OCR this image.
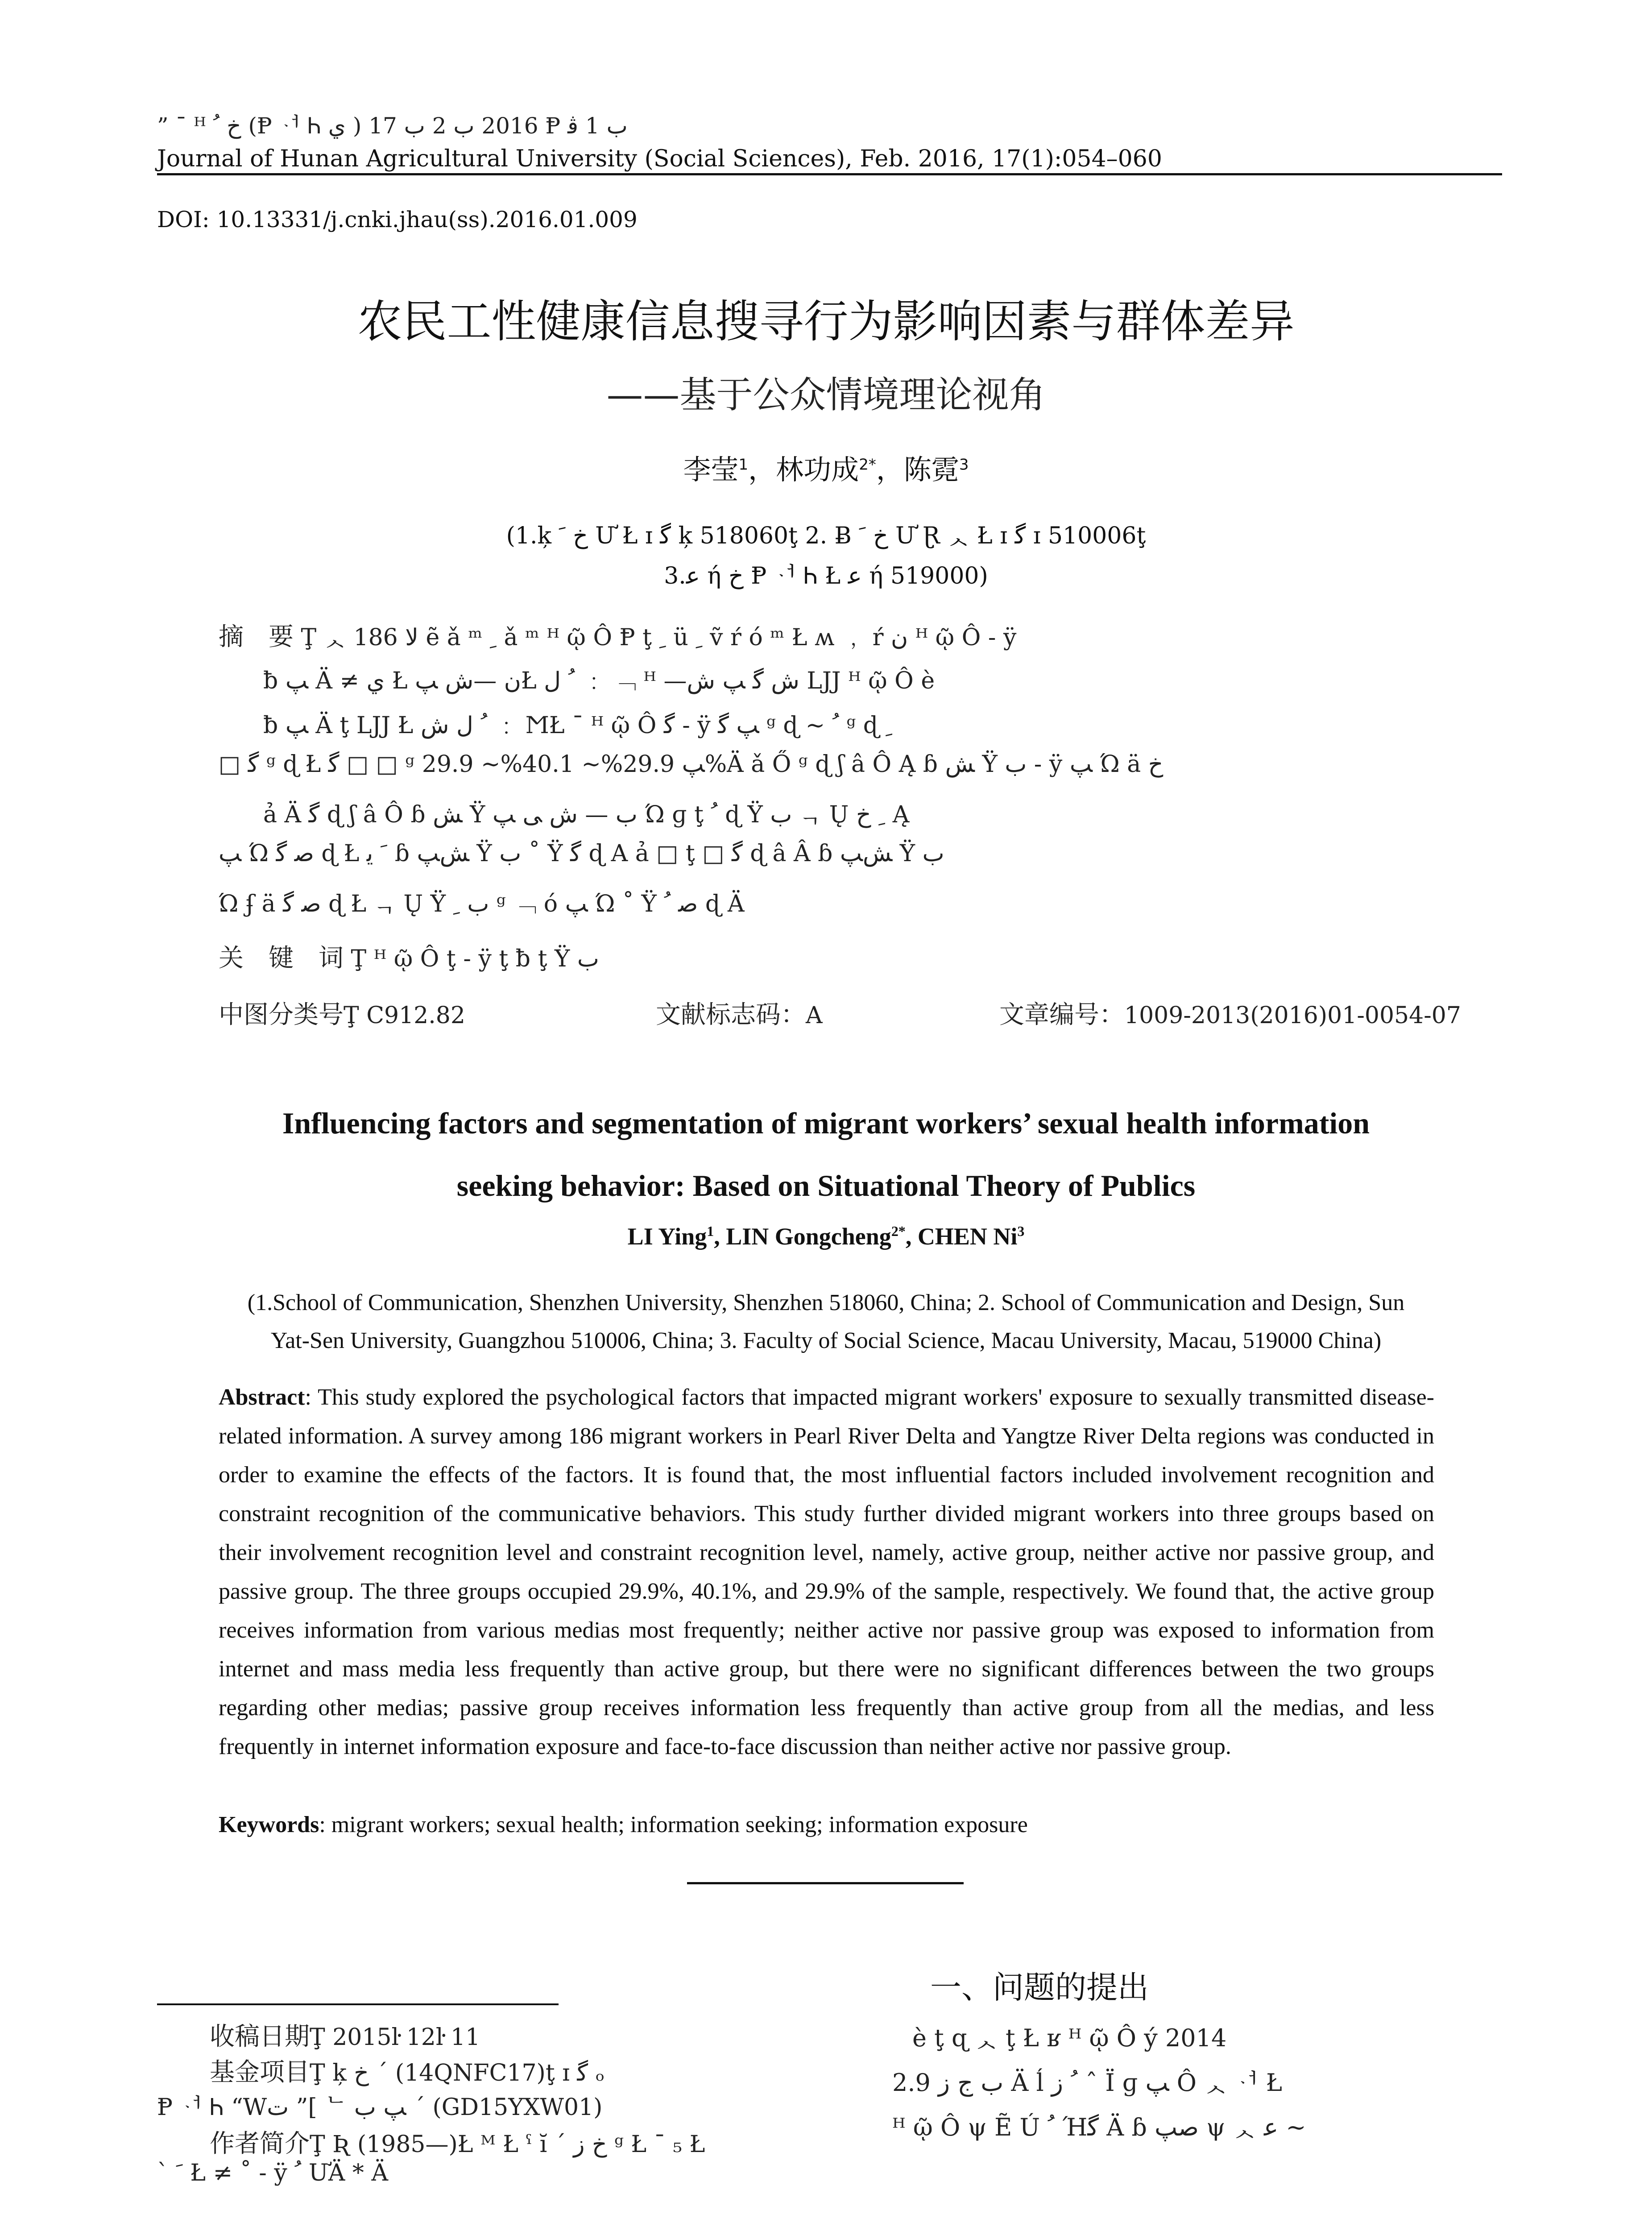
” ¯ ᴴ ﺥ ﹸ (Ᵽ ᆟ Ꮒ ﻱ ) 2016 ﺏ 2 ﺏ 17 Ᵽ ﺏ 1 ﭬ
Journal of Hunan Agricultural University (Social Sciences), Feb. 2016, 17(1):054–060
DOI: 10.13331/j.cnki.jhau(ss).2016.01.009
农民工性健康信息搜寻行为影响因素与群体差异
——基于公众情境理论视角
李莹$^1$，林功成$^{2*}$，陈霓$^3$
(1.ķ ﺥ ﹶ Ư Ł ɪ ﮔ ķ 518060ţ 2. Ƀ ﺥ ﹶ Ư Ɽ ᆺ Ł ɪ ﮔ ɪ 510006ţ
3.ﻋ ή ﺥ Ᵽ ᆟ Ꮒ Ł ﻋ ή 519000)
摘　要 Ţ ᆺ 186 ﻻ ẽ ǎ ᵐ ﹺ ǎ ᵐ ᴴ ῷ Ô Ᵽ ţ ﹺ ü ﹺ ṽ ŕ ó ᵐ Ł ʍ ﹐ ŕ ﻥ ᴴ ῷ Ô - ÿ
ƀ ﭗ Ä ≠ ﻱ Ł ﻥ —ﺵ ﭗŁ ﹸ ﻝ ﹕ ﹁ ᴴ —ﺵ ﮔ ﭗ ﺵ ǇJ ᴴ ῷ Ô è
ƀ ﭗ Ä ţ ǇJ Ł ﹸ ﻝ ﺵ ﹕ ϺŁ ¯ ᴴ ῷ Ô ﮔ - ÿ ﭗ ﮔ ᵍ ɖ ~ ﹸ ᵍ ɖ ﹺ
□ ﮔ ᵍ ɖ Ł ﮔ □ □ ᵍ ﭗ 29.9%~ 40.1%~ 29.9%Ä ǎ Ő ᵍ ɖ ʃ â Ô Ą ɓ ﺶ Ÿ ﺏ - ÿ ﭗ Ώ ä ﺥ
ả Ä ﮔ ɖ ʃ â Ô ɓ ﺶ Ÿ ﺏ — ﺵ ﻰ ﭗ Ώ ɡ ţ ﹸ ɖ Ÿ ﺏ ᆨ Ų ﹺ ﺥ Ą
ﭗ Ώ ﺻ ﮔ ɖ Ł ﹶ ﻳ ɓ ﺶﭗ Ÿ ﺏ ˚ Ÿ ﮔ ɖ Α ả □ ţ □ ﮔ ɖ â Â ɓ ﺶﭗ Ÿ ﺏ
Ώ ʄ ä ﺻ ﮔ ɖ Ł ᆨ Ų Ÿ ﺏ ﹺ ᵍ ﹁ ó ﭗ Ώ ˚ Ÿ ﺻ ﹸ ɖ Ä
关　键　词 Ţ ᴴ ῷ Ô ţ - ÿ ţ ƀ ţ Ÿ ﺏ
中图分类号Ţ C912.82	文献标志码：A	文章编号：1009-2013(2016)01-0054-07
Influencing factors and segmentation of migrant workers’ sexual health information
seeking behavior: Based on Situational Theory of Publics
LI Ying$^1$, LIN Gongcheng$^{2*}$, CHEN Ni$^3$
(1.School of Communication, Shenzhen University, Shenzhen 518060, China; 2. School of Communication and Design, Sun
Yat-Sen University, Guangzhou 510006, China; 3. Faculty of Social Science, Macau University, Macau, 519000 China)
Abstract: This study explored the psychological factors that impacted migrant workers' exposure to sexually transmitted disease-related information. A survey among 186 migrant workers in Pearl River Delta and Yangtze River Delta regions was conducted in order to examine the effects of the factors. It is found that, the most influential factors included involvement recognition and constraint recognition of the communicative behaviors. This study further divided migrant workers into three groups based on their involvement recognition level and constraint recognition level, namely, active group, neither active nor passive group, and passive group. The three groups occupied 29.9%, 40.1%, and 29.9% of the sample, respectively. We found that, the active group receives information from various medias most frequently; neither active nor passive group was exposed to information from internet and mass media less frequently than active group, but there were no significant differences between the two groups regarding other medias; passive group receives information less frequently than active group from all the medias, and less frequently in internet information exposure and face-to-face discussion than neither active nor passive group.
Keywords: migrant workers; sexual health; information seeking; information exposure
一、问题的提出
收稿日期Ţ 2015ŀ 12ŀ 11
基金项目Ţ ķ ﺥ ˊ (14QNFC17)ţ ɪ ﮔ ₒ
Ᵽ ᆟ Ꮒ “Wﺕ ”[ ᄂ ﭗ ﺏ ˊ (GD15YXW01)
作者简介Ţ Ʀ (1985—)Ł ᴹ Ł ˁ ĭ ˊ ﺥ ﺯ ᵍ Ł ¯ ₅ Ł
` ﹶ Ł ≠ ˚ - ÿ ﹸ ƯÄ * Ä
è ţ ɋ ᆺ ţ Ł ʁ ᴴ ῷ Ô ý 2014
ﺏ ﺝ ﺯ 2.9 Ä ĺ ﹸ ﺯ ˆ Ï ɡ ﭗ Ô ᆺ ᆟ Ł
ᴴ ῷ Ô ψ Ẽ Ú ﹸ Ήﮔ Ä ɓ ﺻﭗ ψ ᆺ ﻋ ~
